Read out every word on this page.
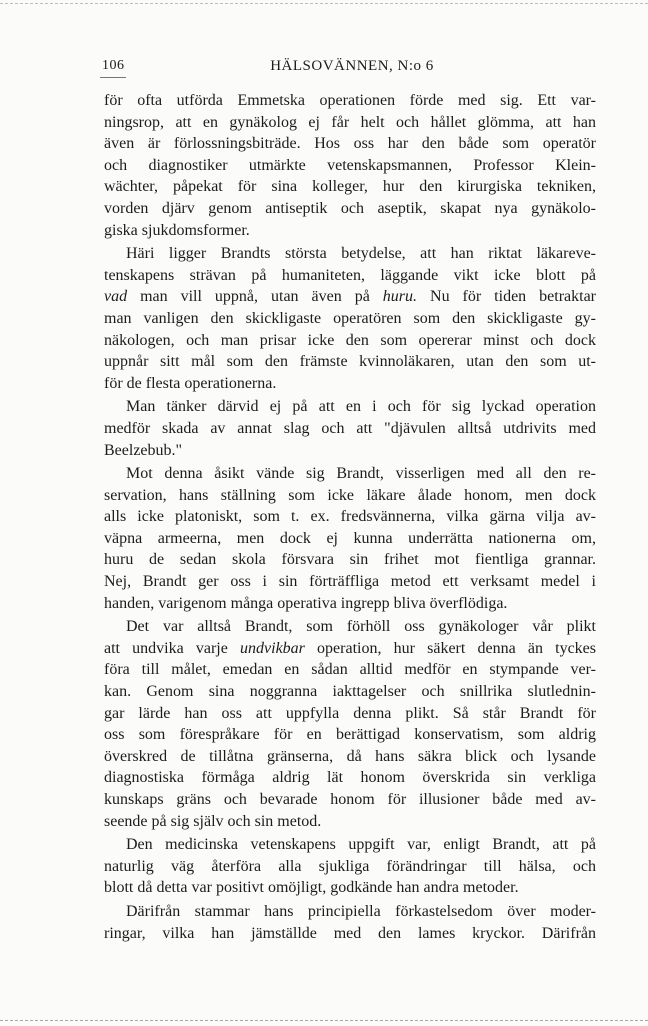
106	HÄLSOVÄNNEN, N:o 6
för ofta utförda Emmetska operationen förde med sig. Ett var-
ningsrop, att en gynäkolog ej får helt och hållet glömma, att han
även är förlossningsbiträde. Hos oss har den både som operatör
och diagnostiker utmärkte vetenskapsmannen, Professor Klein-
wächter, påpekat för sina kolleger, hur den kirurgiska tekniken,
vorden djärv genom antiseptik och aseptik, skapat nya gynäkolo-
giska sjukdomsformer.
Häri ligger Brandts största betydelse, att han riktat läkareve-
tenskapens strävan på humaniteten, läggande vikt icke blott på
vad man vill uppnå, utan även på huru. Nu för tiden betraktar
man vanligen den skickligaste operatören som den skickligaste gy-
näkologen, och man prisar icke den som opererar minst och dock
uppnår sitt mål som den främste kvinnoläkaren, utan den som ut-
för de flesta operationerna.
Man tänker därvid ej på att en i och för sig lyckad operation
medför skada av annat slag och att "djävulen alltså utdrivits med
Beelzebub."
Mot denna åsikt vände sig Brandt, visserligen med all den re-
servation, hans ställning som icke läkare ålade honom, men dock
alls icke platoniskt, som t. ex. fredsvännerna, vilka gärna vilja av-
väpna armeerna, men dock ej kunna underrätta nationerna om,
huru de sedan skola försvara sin frihet mot fientliga grannar.
Nej, Brandt ger oss i sin förträffliga metod ett verksamt medel i
handen, varigenom många operativa ingrepp bliva överflödiga.
Det var alltså Brandt, som förhöll oss gynäkologer vår plikt
att undvika varje undvikbar operation, hur säkert denna än tyckes
föra till målet, emedan en sådan alltid medför en stympande ver-
kan. Genom sina noggranna iakttagelser och snillrika slutlednin-
gar lärde han oss att uppfylla denna plikt. Så står Brandt för
oss som förespråkare för en berättigad konservatism, som aldrig
överskred de tillåtna gränserna, då hans säkra blick och lysande
diagnostiska förmåga aldrig lät honom överskrida sin verkliga
kunskaps gräns och bevarade honom för illusioner både med av-
seende på sig själv och sin metod.
Den medicinska vetenskapens uppgift var, enligt Brandt, att på
naturlig väg återföra alla sjukliga förändringar till hälsa, och
blott då detta var positivt omöjligt, godkände han andra metoder.
Därifrån stammar hans principiella förkastelsedom över moder-
ringar, vilka han jämställde med den lames kryckor. Därifrån
